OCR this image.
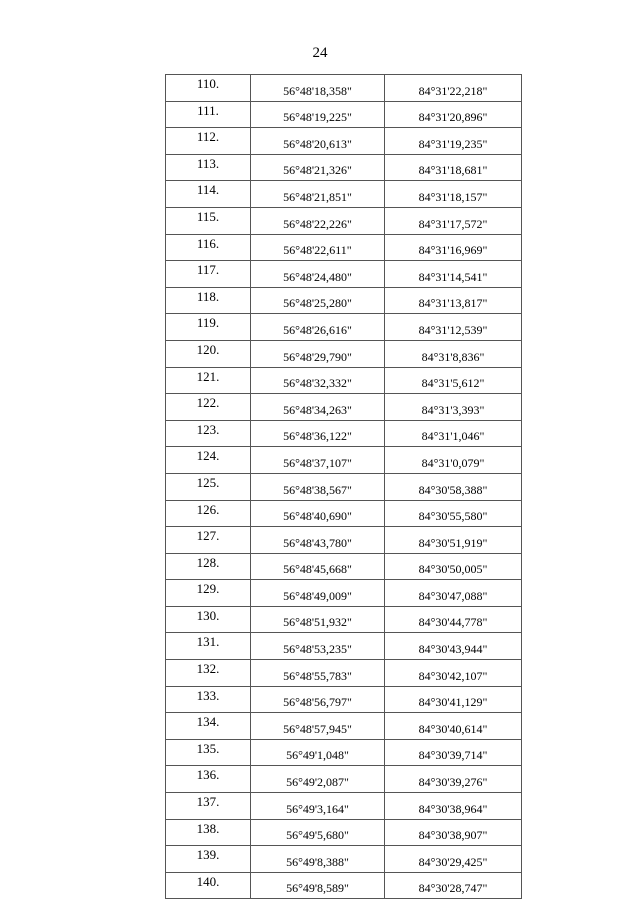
24
110.	56°48'18,358"	84°31'22,218"
111.	56°48'19,225"	84°31'20,896"
112.	56°48'20,613"	84°31'19,235"
113.	56°48'21,326"	84°31'18,681"
114.	56°48'21,851"	84°31'18,157"
115.	56°48'22,226"	84°31'17,572"
116.	56°48'22,611"	84°31'16,969"
117.	56°48'24,480"	84°31'14,541"
118.	56°48'25,280"	84°31'13,817"
119.	56°48'26,616"	84°31'12,539"
120.	56°48'29,790"	84°31'8,836"
121.	56°48'32,332"	84°31'5,612"
122.	56°48'34,263"	84°31'3,393"
123.	56°48'36,122"	84°31'1,046"
124.	56°48'37,107"	84°31'0,079"
125.	56°48'38,567"	84°30'58,388"
126.	56°48'40,690"	84°30'55,580"
127.	56°48'43,780"	84°30'51,919"
128.	56°48'45,668"	84°30'50,005"
129.	56°48'49,009"	84°30'47,088"
130.	56°48'51,932"	84°30'44,778"
131.	56°48'53,235"	84°30'43,944"
132.	56°48'55,783"	84°30'42,107"
133.	56°48'56,797"	84°30'41,129"
134.	56°48'57,945"	84°30'40,614"
135.	56°49'1,048"	84°30'39,714"
136.	56°49'2,087"	84°30'39,276"
137.	56°49'3,164"	84°30'38,964"
138.	56°49'5,680"	84°30'38,907"
139.	56°49'8,388"	84°30'29,425"
140.	56°49'8,589"	84°30'28,747"
